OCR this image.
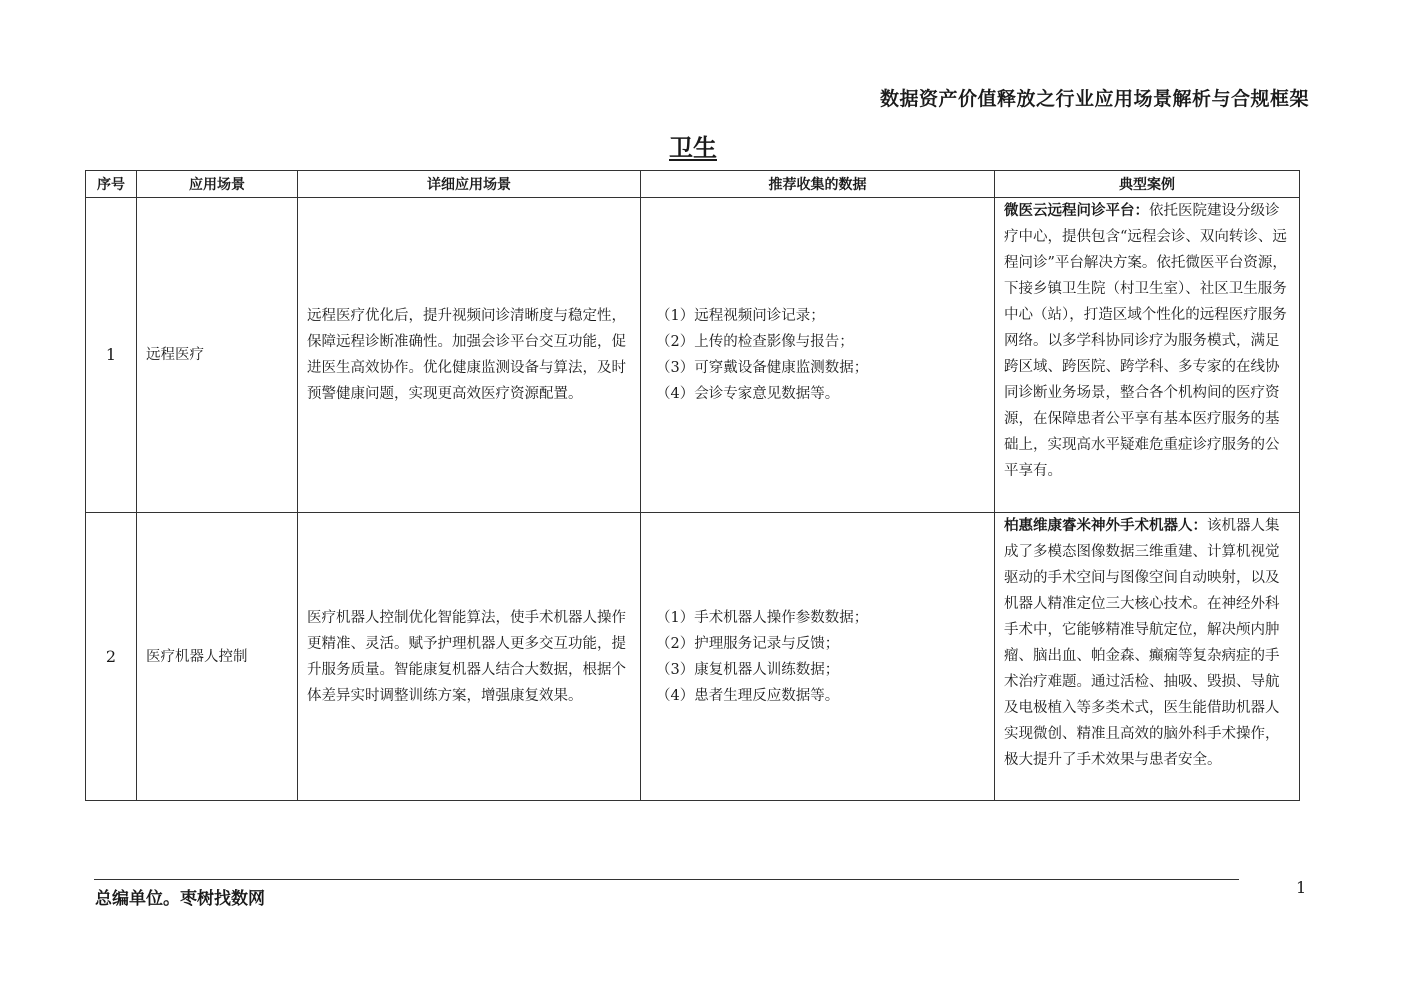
数据资产价值释放之行业应用场景解析与合规框架
卫生
序号	应用场景	详细应用场景	推荐收集的数据	典型案例
1	远程医疗	远程医疗优化后，提升视频问诊清晰度与稳定性，保障远程诊断准确性。加强会诊平台交互功能，促进医生高效协作。优化健康监测设备与算法，及时预警健康问题，实现更高效医疗资源配置。	（1）远程视频问诊记录；
（2）上传的检查影像与报告；
（3）可穿戴设备健康监测数据；
（4）会诊专家意见数据等。	微医云远程问诊平台：依托医院建设分级诊疗中心，提供包含“远程会诊、双向转诊、远程问诊”平台解决方案。依托微医平台资源，下接乡镇卫生院（村卫生室）、社区卫生服务中心（站），打造区域个性化的远程医疗服务网络。以多学科协同诊疗为服务模式，满足跨区域、跨医院、跨学科、多专家的在线协同诊断业务场景，整合各个机构间的医疗资源，在保障患者公平享有基本医疗服务的基础上，实现高水平疑难危重症诊疗服务的公平享有。
2	医疗机器人控制	医疗机器人控制优化智能算法，使手术机器人操作更精准、灵活。赋予护理机器人更多交互功能，提升服务质量。智能康复机器人结合大数据，根据个体差异实时调整训练方案，增强康复效果。	（1）手术机器人操作参数数据；
（2）护理服务记录与反馈；
（3）康复机器人训练数据；
（4）患者生理反应数据等。	柏惠维康睿米神外手术机器人：该机器人集成了多模态图像数据三维重建、计算机视觉驱动的手术空间与图像空间自动映射，以及机器人精准定位三大核心技术。在神经外科手术中，它能够精准导航定位，解决颅内肿瘤、脑出血、帕金森、癫痫等复杂病症的手术治疗难题。通过活检、抽吸、毁损、导航及电极植入等多类术式，医生能借助机器人实现微创、精准且高效的脑外科手术操作，极大提升了手术效果与患者安全。
总编单位。枣树找数网
1
